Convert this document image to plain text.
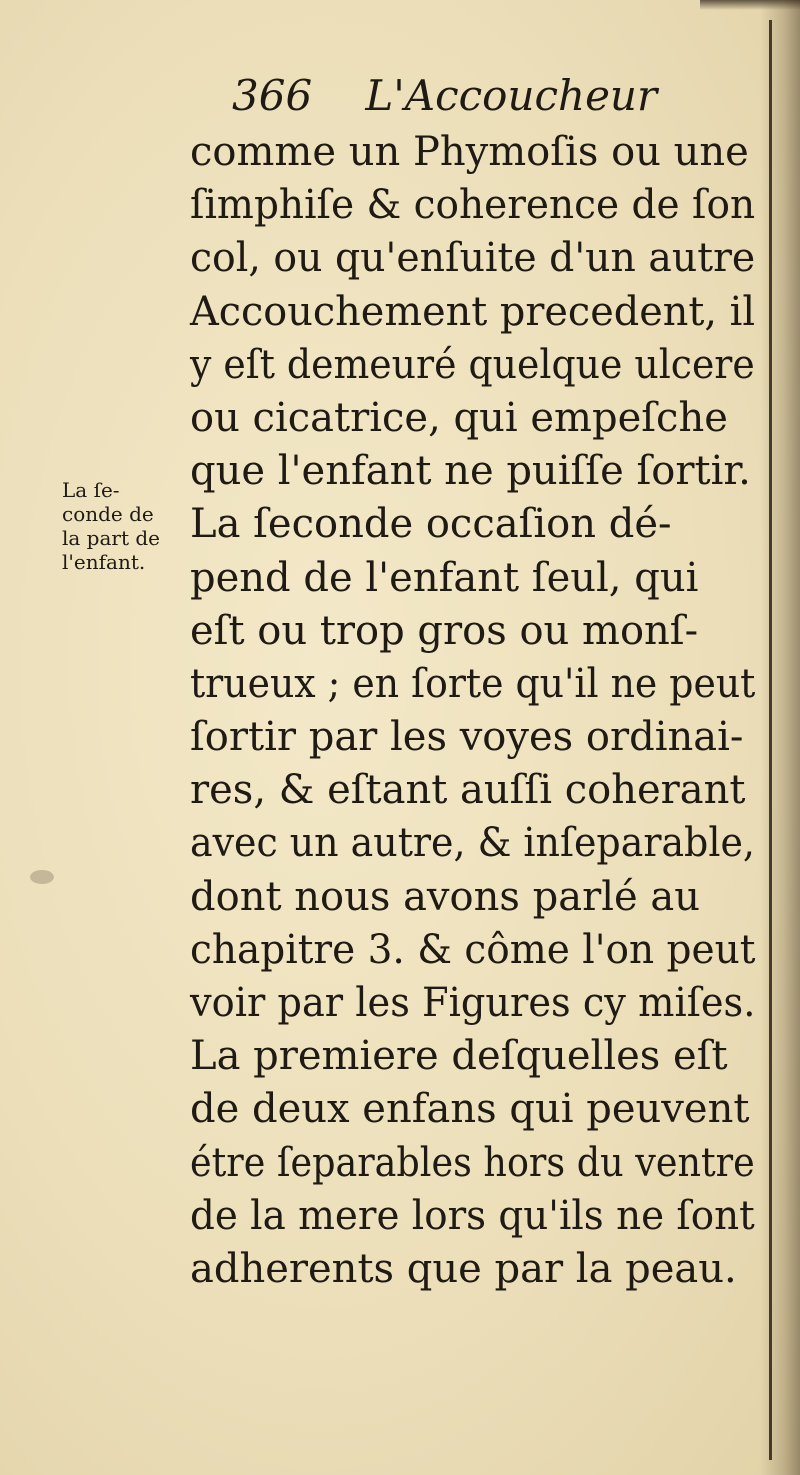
366 L'Accoucheur
La ſe-
conde de
la part de
l'enfant.
comme un Phymoſis ou une
ſimphiſe & coherence de ſon
col, ou qu'enſuite d'un autre
Accouchement precedent, il
y eſt demeuré quelque ulcere
ou cicatrice, qui empeſche
que l'enfant ne puiſſe ſortir.
La ſeconde occaſion dé-
pend de l'enfant ſeul, qui
eſt ou trop gros ou monſ-
trueux ; en ſorte qu'il ne peut
ſortir par les voyes ordinai-
res, & eſtant auſſi coherant
avec un autre, & inſeparable,
dont nous avons parlé au
chapitre 3. & côme l'on peut
voir par les Figures cy miſes.
La premiere deſquelles eſt
de deux enfans qui peuvent
étre ſeparables hors du ventre
de la mere lors qu'ils ne ſont
adherents que par la peau.
